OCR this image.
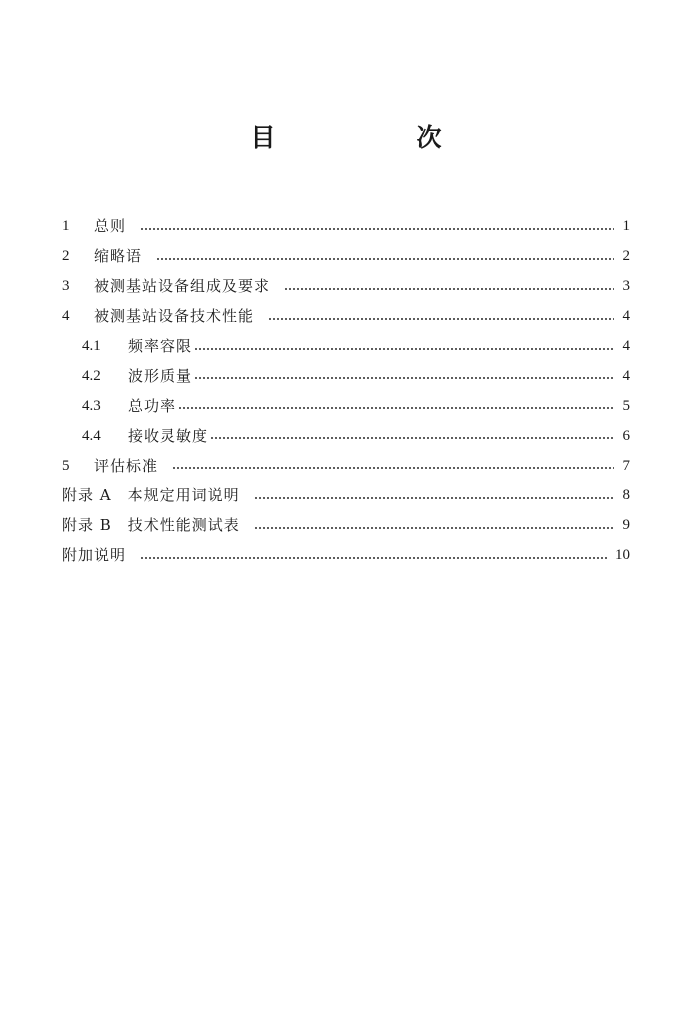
目　次
1	总则	1
2	缩略语	2
3	被测基站设备组成及要求	3
4	被测基站设备技术性能	4
4.1	频率容限	4
4.2	波形质量	4
4.3	总功率	5
4.4	接收灵敏度	6
5	评估标准	7
附录 A　本规定用词说明	8
附录 B　技术性能测试表	9
附加说明	10
